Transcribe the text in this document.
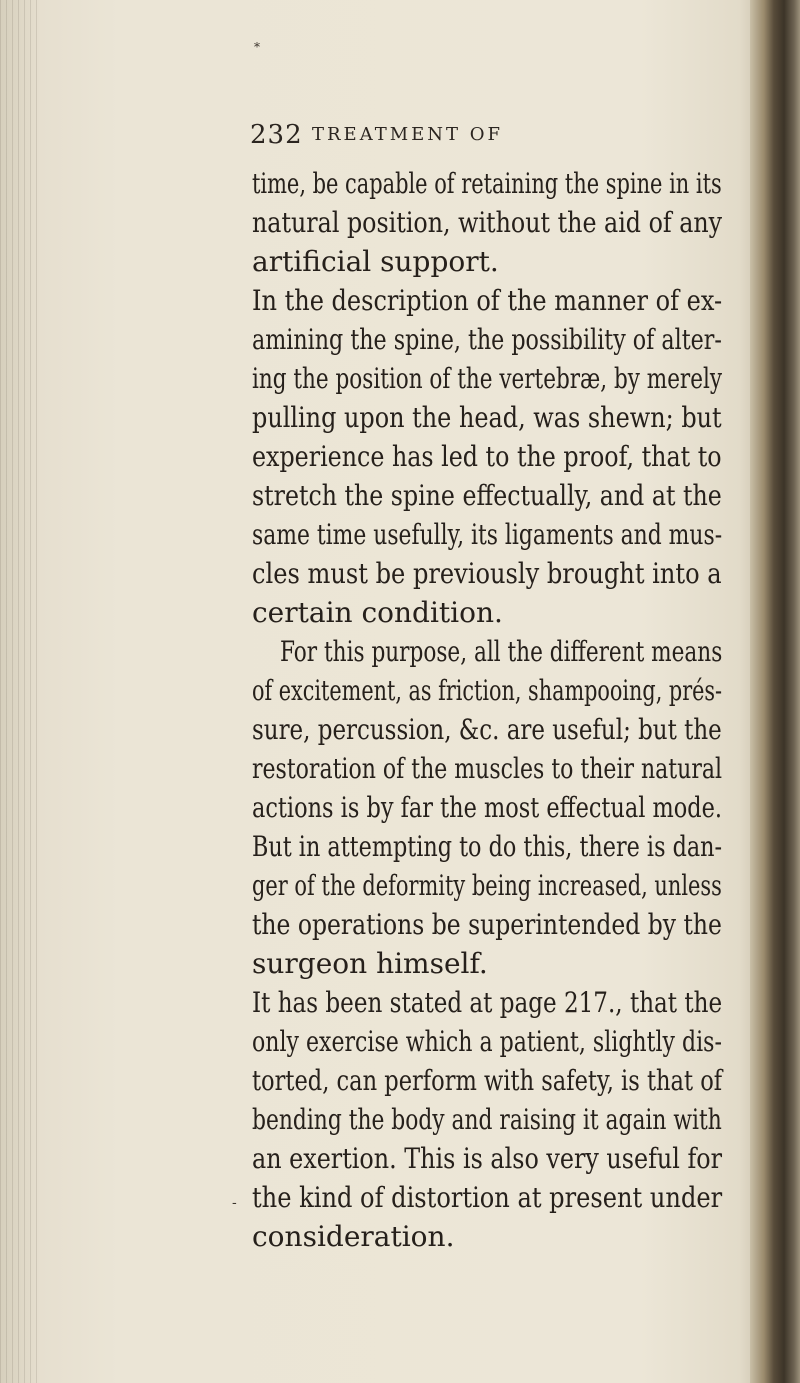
*
232 TREATMENT OF
time, be capable of retaining the spine in its
natural position, without the aid of any
artificial support.
In the description of the manner of ex-
amining the spine, the possibility of alter-
ing the position of the vertebræ, by merely
pulling upon the head, was shewn; but
experience has led to the proof, that to
stretch the spine effectually, and at the
same time usefully, its ligaments and mus-
cles must be previously brought into a
certain condition.
For this purpose, all the different means
of excitement, as friction, shampooing, prés-
sure, percussion, &c. are useful; but the
restoration of the muscles to their natural
actions is by far the most effectual mode.
But in attempting to do this, there is dan-
ger of the deformity being increased, unless
the operations be superintended by the
surgeon himself.
It has been stated at page 217., that the
only exercise which a patient, slightly dis-
torted, can perform with safety, is that of
bending the body and raising it again with
an exertion. This is also very useful for
the kind of distortion at present under
consideration.
-
